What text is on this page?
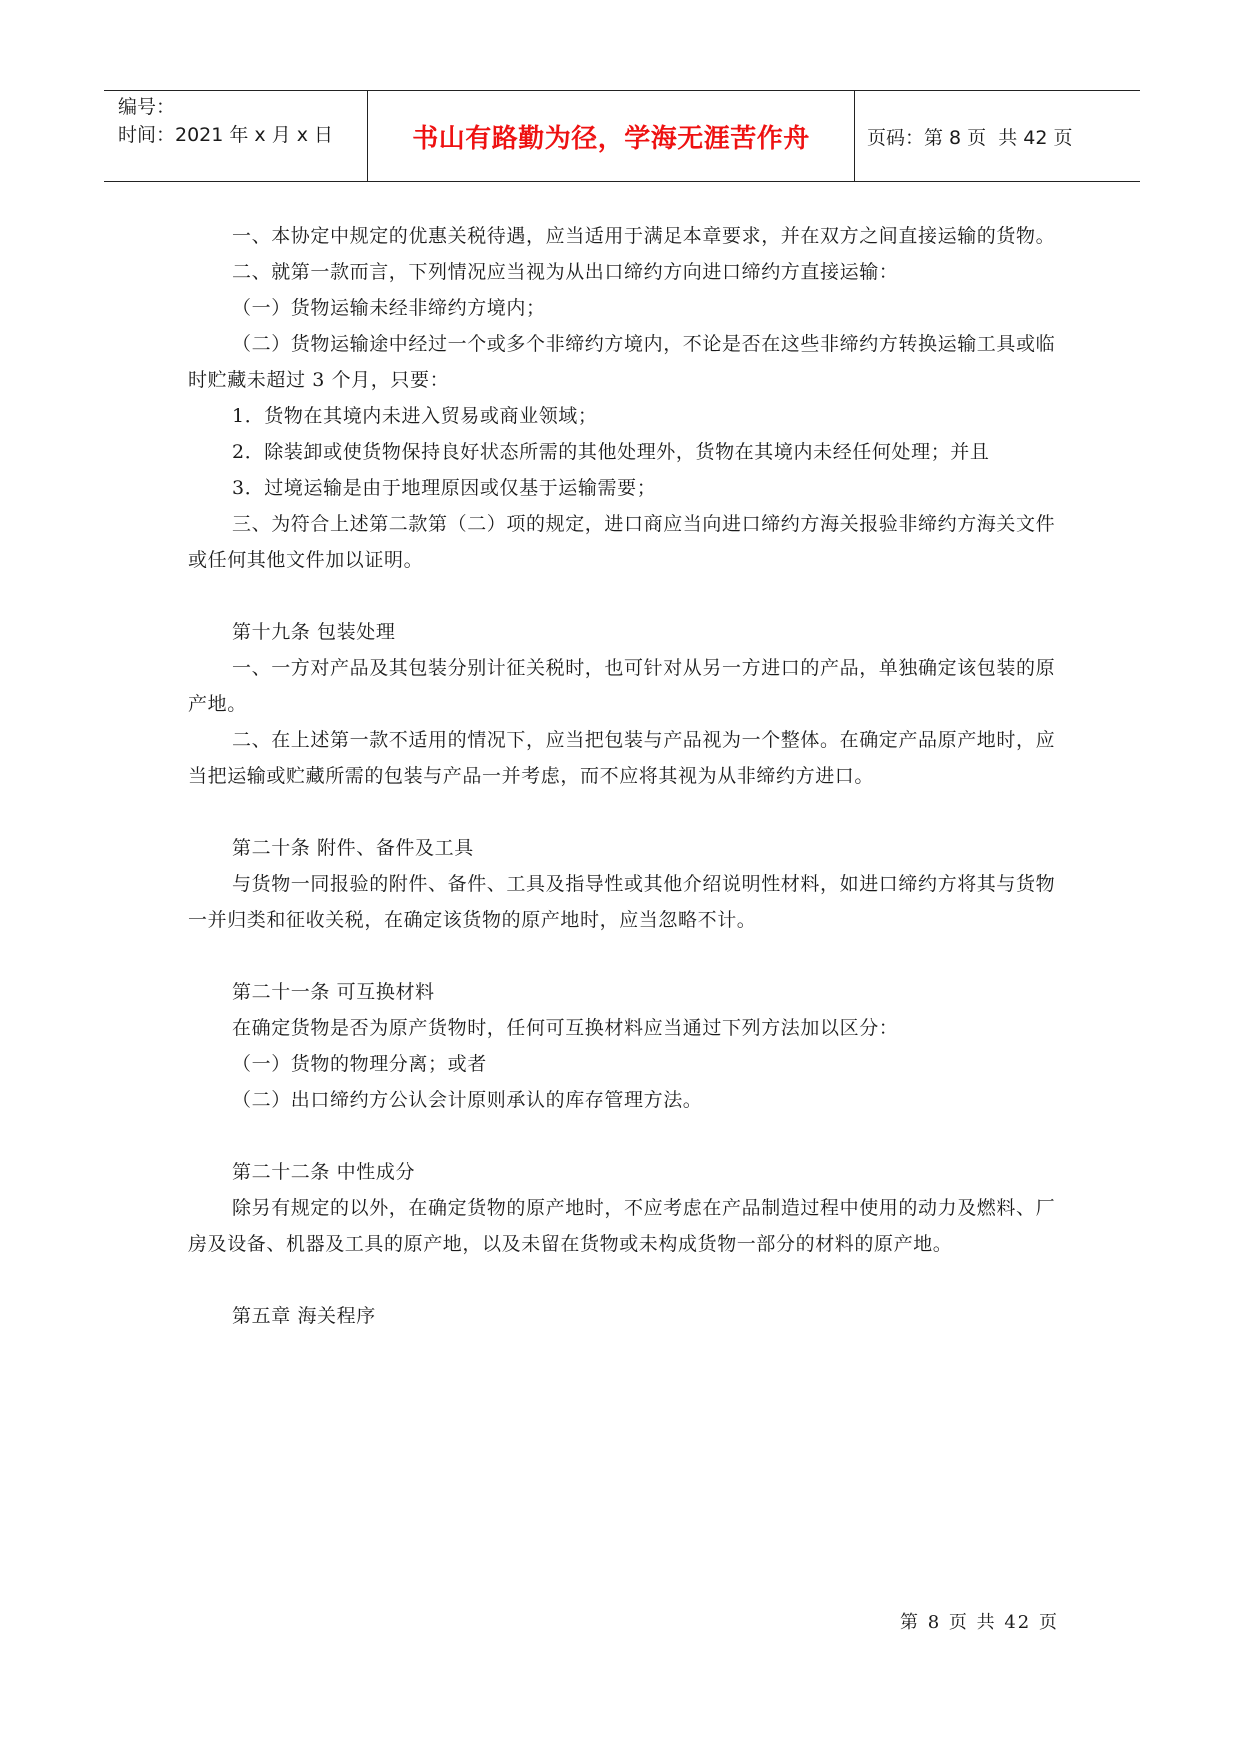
编号：
时间：2021 年 x 月 x 日	书山有路勤为径，学海无涯苦作舟	页码：第 8 页  共 42 页

一、本协定中规定的优惠关税待遇，应当适用于满足本章要求，并在双方之间直接运输的货物。

二、就第一款而言，下列情况应当视为从出口缔约方向进口缔约方直接运输：

（一）货物运输未经非缔约方境内；

（二）货物运输途中经过一个或多个非缔约方境内，不论是否在这些非缔约方转换运输工具或临时贮藏未超过 3 个月，只要：

1．货物在其境内未进入贸易或商业领域；

2．除装卸或使货物保持良好状态所需的其他处理外，货物在其境内未经任何处理；并且

3．过境运输是由于地理原因或仅基于运输需要；

三、为符合上述第二款第（二）项的规定，进口商应当向进口缔约方海关报验非缔约方海关文件或任何其他文件加以证明。

第十九条 包装处理

一、一方对产品及其包装分别计征关税时，也可针对从另一方进口的产品，单独确定该包装的原产地。

二、在上述第一款不适用的情况下，应当把包装与产品视为一个整体。在确定产品原产地时，应当把运输或贮藏所需的包装与产品一并考虑，而不应将其视为从非缔约方进口。

第二十条 附件、备件及工具

与货物一同报验的附件、备件、工具及指导性或其他介绍说明性材料，如进口缔约方将其与货物一并归类和征收关税，在确定该货物的原产地时，应当忽略不计。

第二十一条 可互换材料

在确定货物是否为原产货物时，任何可互换材料应当通过下列方法加以区分：

（一）货物的物理分离；或者

（二）出口缔约方公认会计原则承认的库存管理方法。

第二十二条 中性成分

除另有规定的以外，在确定货物的原产地时，不应考虑在产品制造过程中使用的动力及燃料、厂房及设备、机器及工具的原产地，以及未留在货物或未构成货物一部分的材料的原产地。

第五章 海关程序

第 8 页 共 42 页
